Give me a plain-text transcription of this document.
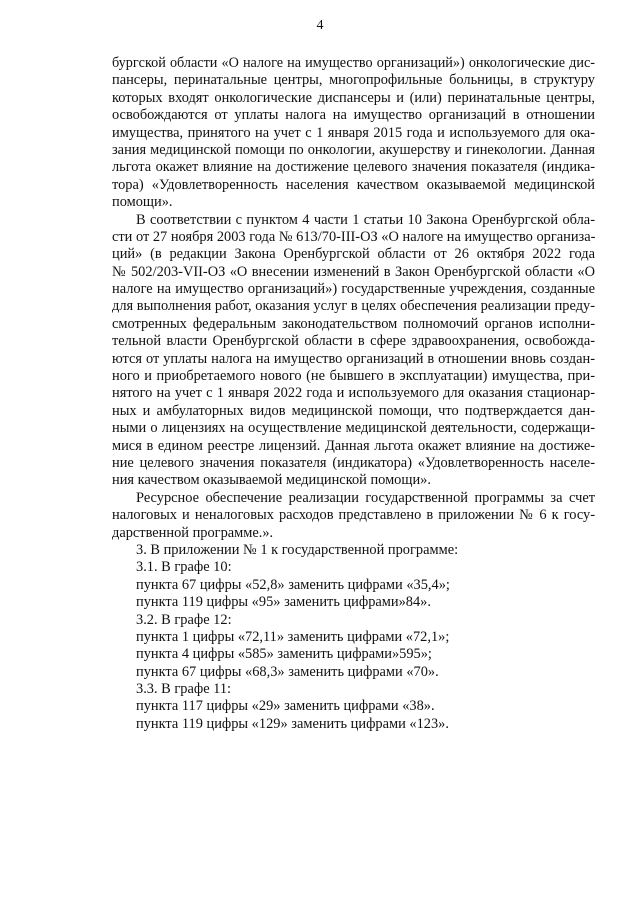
4
бургской области «О налоге на имущество организаций») онкологические дис-
пансеры, перинатальные центры, многопрофильные больницы, в структуру
которых входят онкологические диспансеры и (или) перинатальные центры,
освобождаются от уплаты налога на имущество организаций в отношении
имущества, принятого на учет с 1 января 2015 года и используемого для ока-
зания медицинской помощи по онкологии, акушерству и гинекологии. Данная
льгота окажет влияние на достижение целевого значения показателя (индика-
тора) «Удовлетворенность населения качеством оказываемой медицинской
помощи».
В соответствии с пунктом 4 части 1 статьи 10 Закона Оренбургской обла-
сти от 27 ноября 2003 года № 613/70-III-ОЗ «О налоге на имущество организа-
ций» (в редакции Закона Оренбургской области от 26 октября 2022 года
№ 502/203-VII-ОЗ «О внесении изменений в Закон Оренбургской области «О
налоге на имущество организаций») государственные учреждения, созданные
для выполнения работ, оказания услуг в целях обеспечения реализации преду-
смотренных федеральным законодательством полномочий органов исполни-
тельной власти Оренбургской области в сфере здравоохранения, освобожда-
ются от уплаты налога на имущество организаций в отношении вновь создан-
ного и приобретаемого нового (не бывшего в эксплуатации) имущества, при-
нятого на учет с 1 января 2022 года и используемого для оказания стационар-
ных и амбулаторных видов медицинской помощи, что подтверждается дан-
ными о лицензиях на осуществление медицинской деятельности, содержащи-
мися в едином реестре лицензий. Данная льгота окажет влияние на достиже-
ние целевого значения показателя (индикатора) «Удовлетворенность населе-
ния качеством оказываемой медицинской помощи».
Ресурсное обеспечение реализации государственной программы за счет
налоговых и неналоговых расходов представлено в приложении № 6 к госу-
дарственной программе.».
3. В приложении № 1 к государственной программе:
3.1. В графе 10:
пункта 67 цифры «52,8» заменить цифрами «35,4»;
пункта 119 цифры «95» заменить цифрами»84».
3.2. В графе 12:
пункта 1 цифры «72,11» заменить цифрами «72,1»;
пункта 4 цифры «585» заменить цифрами»595»;
пункта 67 цифры «68,3» заменить цифрами «70».
3.3. В графе 11:
пункта 117 цифры «29» заменить цифрами «38».
пункта 119 цифры «129» заменить цифрами «123».
